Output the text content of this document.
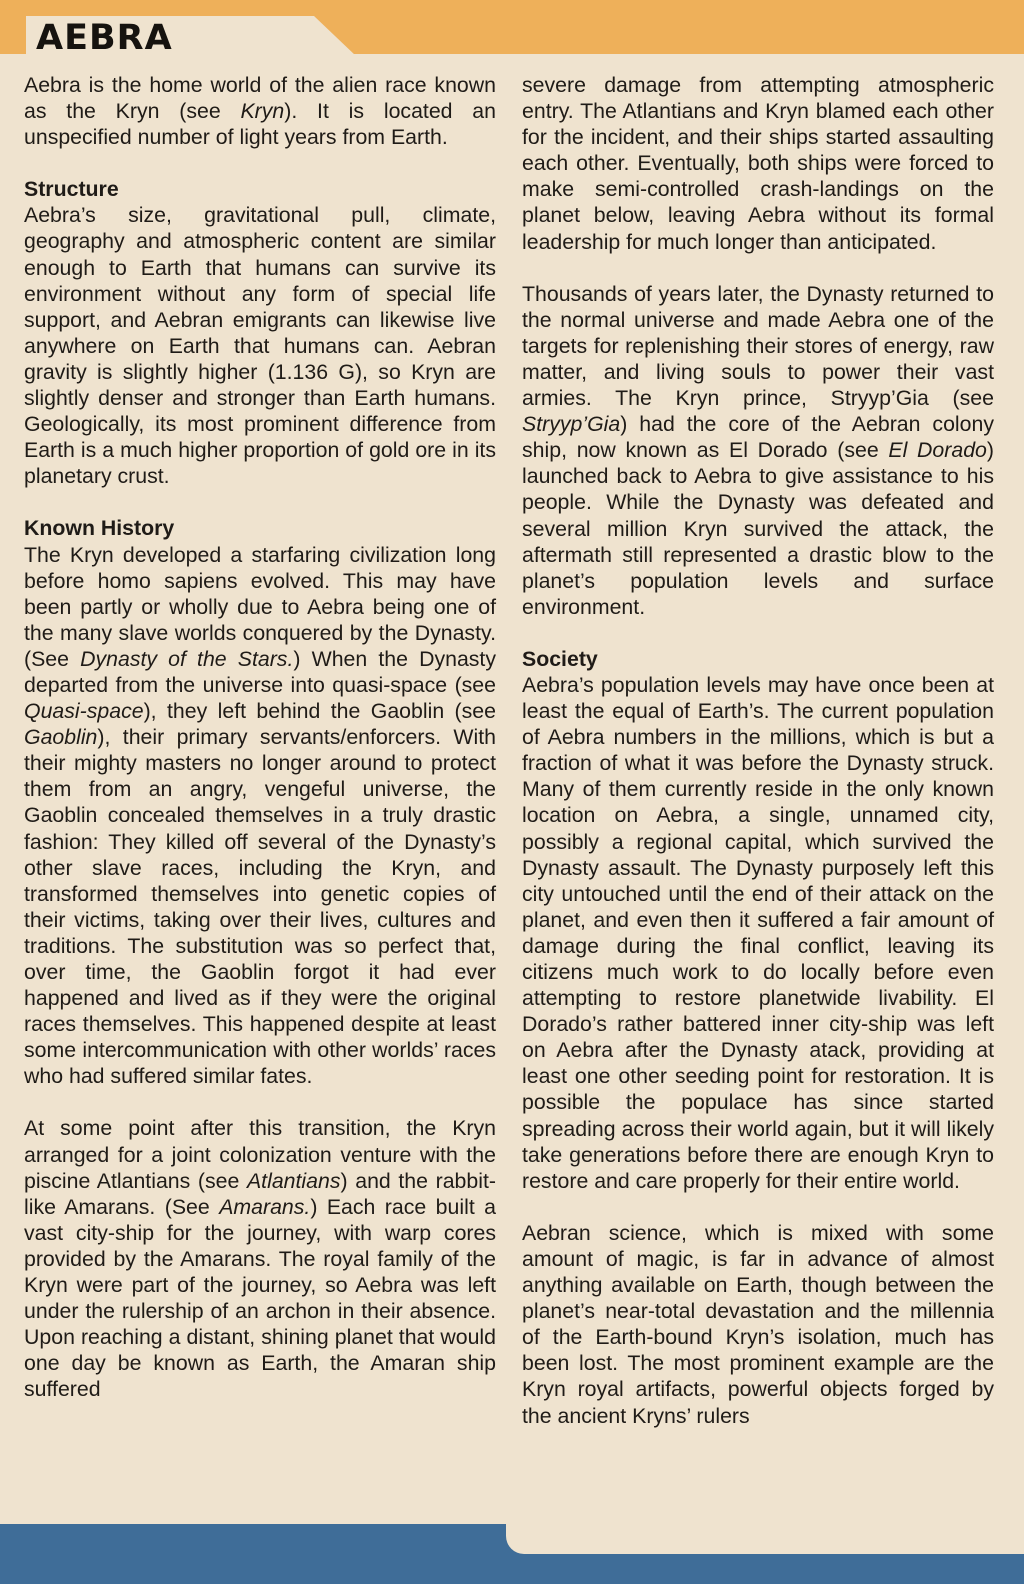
AEBRA

Aebra is the home world of the alien race known as the Kryn (see Kryn). It is located an unspecified number of light years from Earth.

Structure

Aebra’s size, gravitational pull, climate, geography and atmospheric content are similar enough to Earth that humans can survive its environment without any form of special life support, and Aebran emigrants can likewise live anywhere on Earth that humans can. Aebran gravity is slightly higher (1.136 G), so Kryn are slightly denser and stronger than Earth humans. Geologically, its most prominent difference from Earth is a much higher proportion of gold ore in its planetary crust.

Known History

The Kryn developed a starfaring civilization long before homo sapiens evolved. This may have been partly or wholly due to Aebra being one of the many slave worlds conquered by the Dynasty. (See Dynasty of the Stars.) When the Dynasty departed from the universe into quasi-space (see Quasi-space), they left behind the Gaoblin (see Gaoblin), their primary servants/enforcers. With their mighty masters no longer around to protect them from an angry, vengeful universe, the Gaoblin concealed themselves in a truly drastic fashion: They killed off several of the Dynasty’s other slave races, including the Kryn, and transformed themselves into genetic copies of their victims, taking over their lives, cultures and traditions. The substitution was so perfect that, over time, the Gaoblin forgot it had ever happened and lived as if they were the original races themselves. This happened despite at least some intercommunication with other worlds’ races who had suffered similar fates.

At some point after this transition, the Kryn arranged for a joint colonization venture with the piscine Atlantians (see Atlantians) and the rabbit-like Amarans. (See Amarans.) Each race built a vast city-ship for the journey, with warp cores provided by the Amarans. The royal family of the Kryn were part of the journey, so Aebra was left under the rulership of an archon in their absence. Upon reaching a distant, shining planet that would one day be known as Earth, the Amaran ship suffered

severe damage from attempting atmospheric entry. The Atlantians and Kryn blamed each other for the incident, and their ships started assaulting each other. Eventually, both ships were forced to make semi-controlled crash-landings on the planet below, leaving Aebra without its formal leadership for much longer than anticipated.

Thousands of years later, the Dynasty returned to the normal universe and made Aebra one of the targets for replenishing their stores of energy, raw matter, and living souls to power their vast armies. The Kryn prince, Stryyp’Gia (see Stryyp’Gia) had the core of the Aebran colony ship, now known as El Dorado (see El Dorado) launched back to Aebra to give assistance to his people. While the Dynasty was defeated and several million Kryn survived the attack, the aftermath still represented a drastic blow to the planet’s population levels and surface environment.

Society

Aebra’s population levels may have once been at least the equal of Earth’s. The current population of Aebra numbers in the millions, which is but a fraction of what it was before the Dynasty struck. Many of them currently reside in the only known location on Aebra, a single, unnamed city, possibly a regional capital, which survived the Dynasty assault. The Dynasty purposely left this city untouched until the end of their attack on the planet, and even then it suffered a fair amount of damage during the final conflict, leaving its citizens much work to do locally before even attempting to restore planetwide livability. El Dorado’s rather battered inner city-ship was left on Aebra after the Dynasty atack, providing at least one other seeding point for restoration. It is possible the populace has since started spreading across their world again, but it will likely take generations before there are enough Kryn to restore and care properly for their entire world.

Aebran science, which is mixed with some amount of magic, is far in advance of almost anything available on Earth, though between the planet’s near-total devastation and the millennia of the Earth-bound Kryn’s isolation, much has been lost. The most prominent example are the Kryn royal artifacts, powerful objects forged by the ancient Kryns’ rulers
